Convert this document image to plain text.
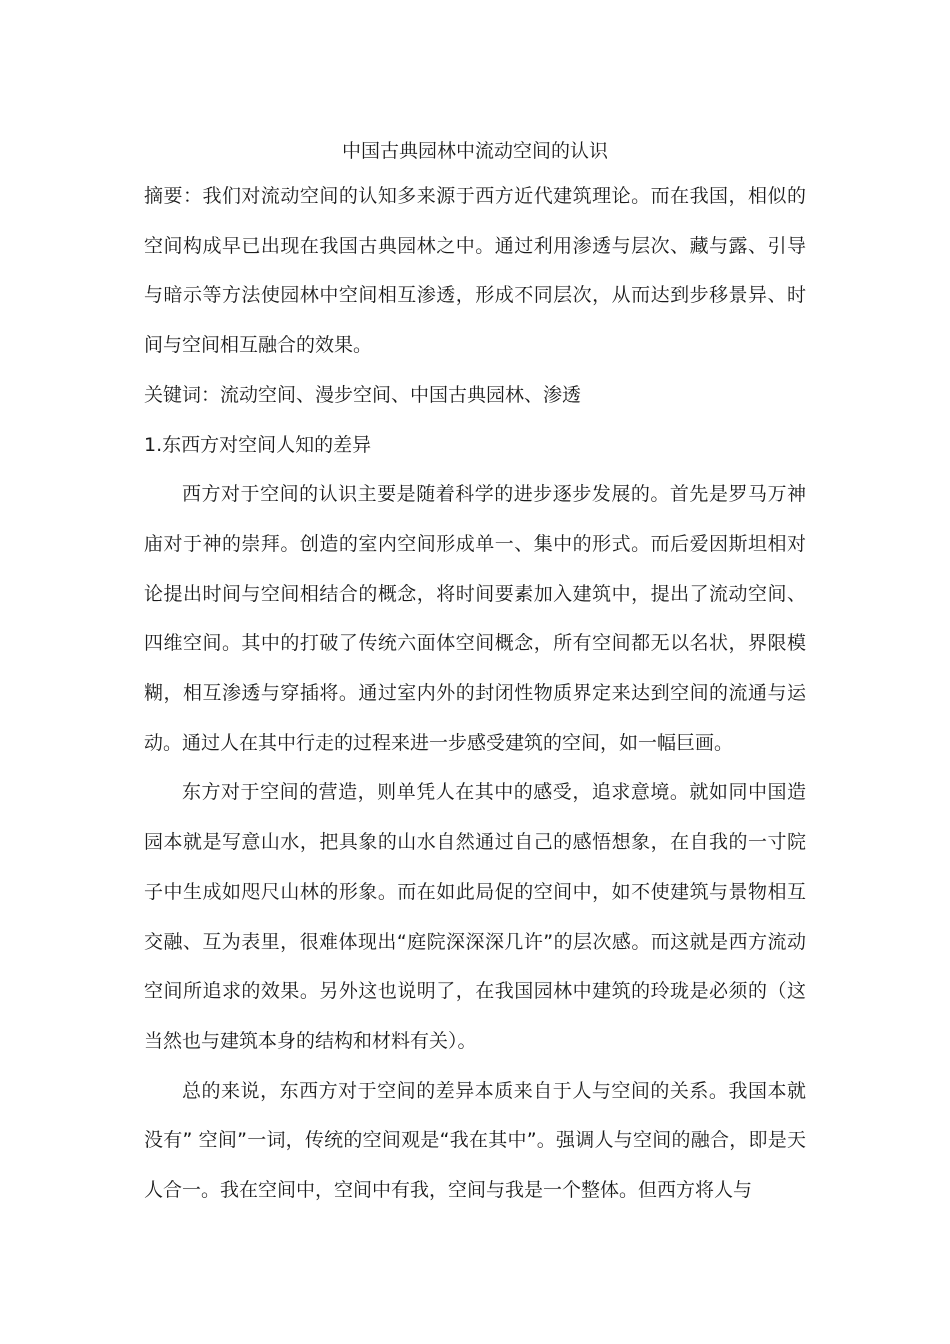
中国古典园林中流动空间的认识

摘要：我们对流动空间的认知多来源于西方近代建筑理论。而在我国，相似的空间构成早已出现在我国古典园林之中。通过利用渗透与层次、藏与露、引导与暗示等方法使园林中空间相互渗透，形成不同层次，从而达到步移景异、时间与空间相互融合的效果。

关键词：流动空间、漫步空间、中国古典园林、渗透

1.东西方对空间人知的差异

西方对于空间的认识主要是随着科学的进步逐步发展的。首先是罗马万神庙对于神的崇拜。创造的室内空间形成单一、集中的形式。而后爱因斯坦相对论提出时间与空间相结合的概念，将时间要素加入建筑中，提出了流动空间、四维空间。其中的打破了传统六面体空间概念，所有空间都无以名状，界限模糊，相互渗透与穿插将。通过室内外的封闭性物质界定来达到空间的流通与运动。通过人在其中行走的过程来进一步感受建筑的空间，如一幅巨画。

东方对于空间的营造，则单凭人在其中的感受，追求意境。就如同中国造园本就是写意山水，把具象的山水自然通过自己的感悟想象，在自我的一寸院子中生成如咫尺山林的形象。而在如此局促的空间中，如不使建筑与景物相互交融、互为表里，很难体现出“庭院深深深几许”的层次感。而这就是西方流动空间所追求的效果。另外这也说明了，在我国园林中建筑的玲珑是必须的（这当然也与建筑本身的结构和材料有关）。

总的来说，东西方对于空间的差异本质来自于人与空间的关系。我国本就没有” 空间”一词，传统的空间观是“我在其中”。强调人与空间的融合，即是天人合一。我在空间中，空间中有我，空间与我是一个整体。但西方将人与
